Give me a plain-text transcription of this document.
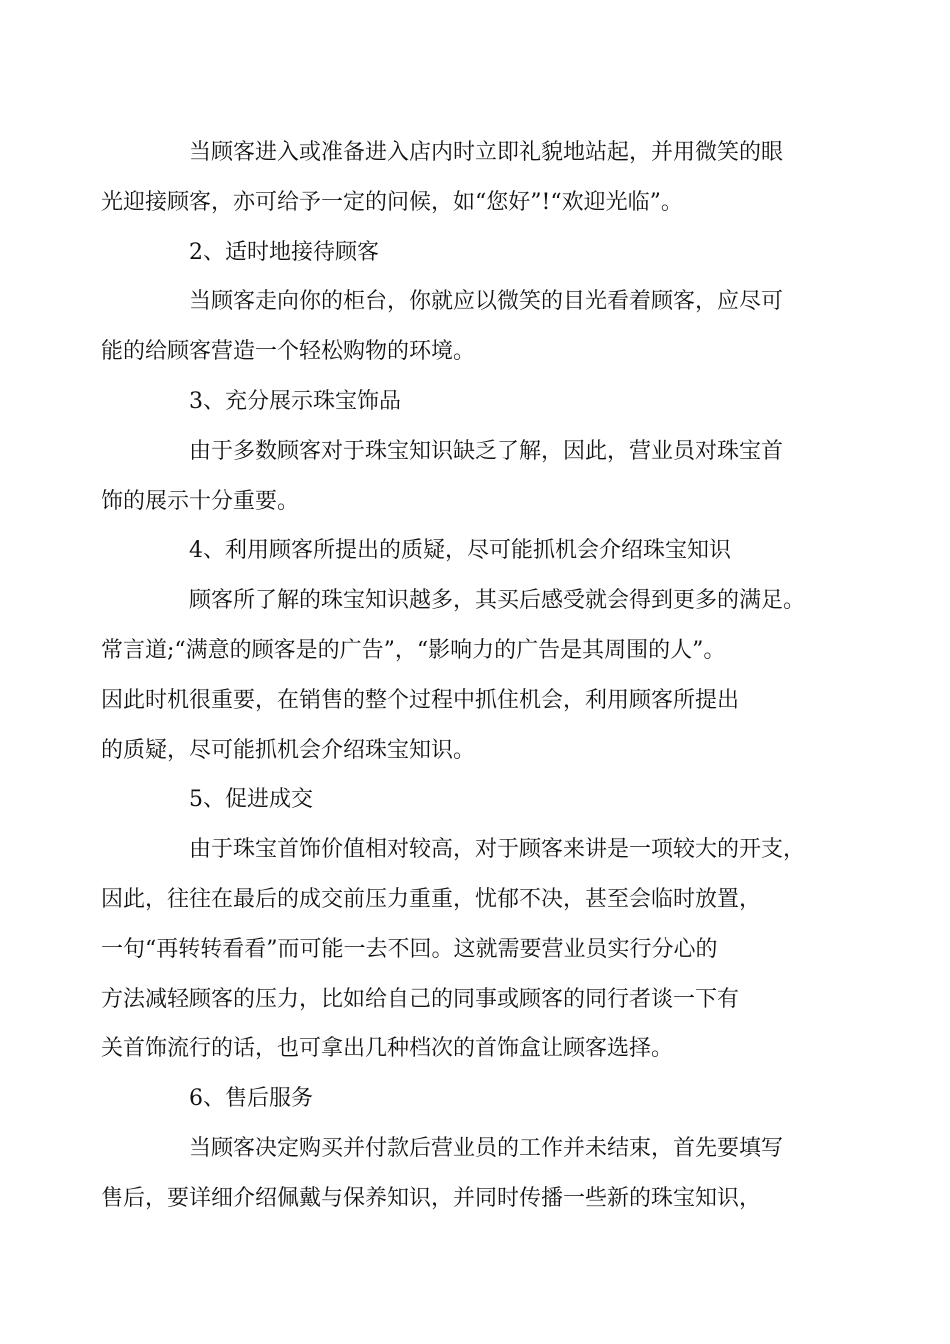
当顾客进入或准备进入店内时立即礼貌地站起，并用微笑的眼
光迎接顾客，亦可给予一定的问候，如“您好”!“欢迎光临”。

2、适时地接待顾客

当顾客走向你的柜台，你就应以微笑的目光看着顾客，应尽可
能的给顾客营造一个轻松购物的环境。

3、充分展示珠宝饰品

由于多数顾客对于珠宝知识缺乏了解，因此，营业员对珠宝首
饰的展示十分重要。

4、利用顾客所提出的质疑，尽可能抓机会介绍珠宝知识

顾客所了解的珠宝知识越多，其买后感受就会得到更多的满足。
常言道;“满意的顾客是的广告”，“影响力的广告是其周围的人”。
因此时机很重要，在销售的整个过程中抓住机会，利用顾客所提出
的质疑，尽可能抓机会介绍珠宝知识。

5、促进成交

由于珠宝首饰价值相对较高，对于顾客来讲是一项较大的开支，
因此，往往在最后的成交前压力重重，忧郁不决，甚至会临时放置，
一句“再转转看看”而可能一去不回。这就需要营业员实行分心的
方法减轻顾客的压力，比如给自己的同事或顾客的同行者谈一下有
关首饰流行的话，也可拿出几种档次的首饰盒让顾客选择。

6、售后服务

当顾客决定购买并付款后营业员的工作并未结束，首先要填写
售后，要详细介绍佩戴与保养知识，并同时传播一些新的珠宝知识，
